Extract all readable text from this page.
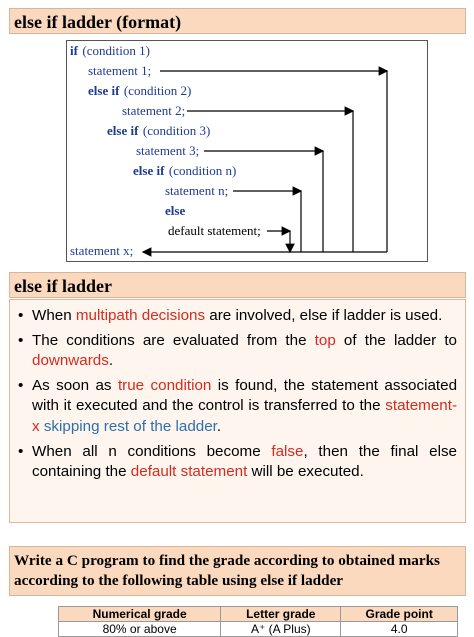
else if ladder (format)
if (condition 1)
statement 1;
else if (condition 2)
statement 2;
else if (condition 3)
statement 3;
else if (condition n)
statement n;
else
default statement;
statement x;
else if ladder
• When multipath decisions are involved, else if ladder is used.
• The conditions are evaluated from the top of the ladder to downwards.
• As soon as true condition is found, the statement associated with it executed and the control is transferred to the statement-x skipping rest of the ladder.
• When all n conditions become false, then the final else containing the default statement will be executed.
Write a C program to find the grade according to obtained marks according to the following table using else if ladder
Numerical grade	Letter grade	Grade point
80% or above	A⁺ (A Plus)	4.0
